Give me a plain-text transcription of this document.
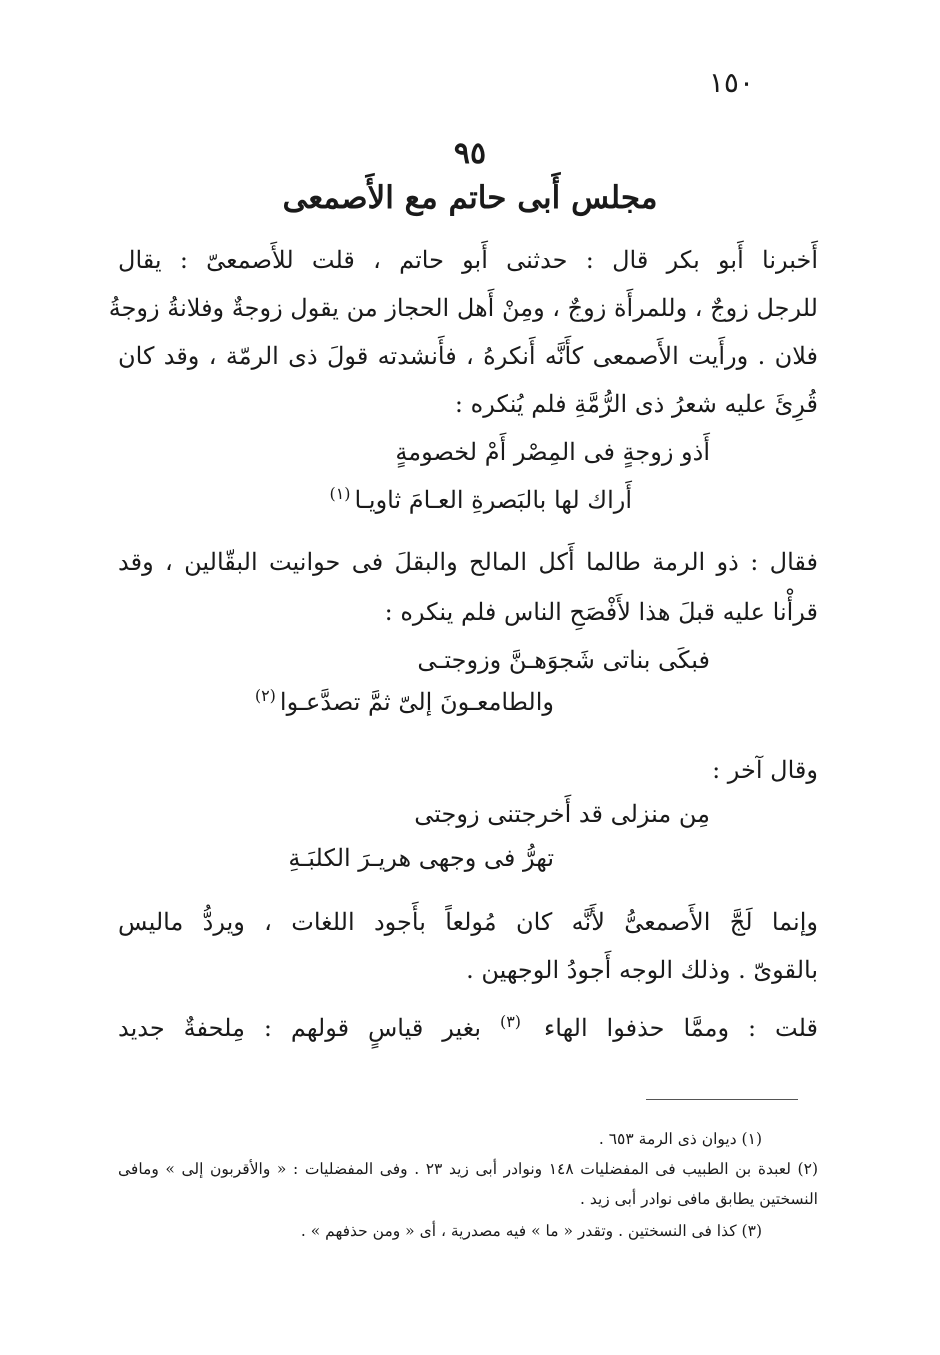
١٥٠
٩٥
مجلس أَبى حاتم مع الأَصمعى
أَخبرنا أَبو بكر قال : حدثنى أَبو حاتم ، قلت للأَصمعىّ : يقال
للرجل زوجٌ ، وللمرأَة زوجٌ ، ومِنْ أَهل الحجاز من يقول زوجةٌ وفلانةُ زوجةُ
فلان . ورأَيت الأَصمعى كأَنَّه أَنكرهُ ، فأَنشدته قولَ ذى الرمّة ، وقد كان
قُرِئَ عليه شعرُ ذى الرُّمَّةِ فلم يُنكره :
أَذو زوجةٍ فى المِصْر أَمْ لخصومةٍ
أَراك لها بالبَصرةِ العـامَ ثاويـا$^{(١)}$
فقال : ذو الرمة طالما أَكل المالح والبقلَ فى حوانيت البقّالين ، وقد
قرأْنا عليه قبلَ هذا لأَفْصَحِ الناس فلم ينكره :
فبكَى بناتى شَجوَهـنَّ وزوجتـى
والطامعـونَ إلىّ ثمَّ تصدَّعـوا$^{(٢)}$
وقال آخر :
مِن منزلى قد أَخرجتنى زوجتى
تهرُّ فى وجهى هريـرَ الكلبَـةِ
وإنما لَجَّ الأَصمعىُّ لأَنَّه كان مُولعاً بأَجود اللغات ، ويردُّ ماليس
بالقوىّ . وذلك الوجه أَجودُ الوجهين .
قلت : وممَّا حذفوا الهاء $^{(٣)}$ بغير قياسٍ قولهم : مِلحفةٌ جديد
(١) ديوان ذى الرمة ٦٥٣ .
(٢) لعبدة بن الطبيب فى المفضليات ١٤٨ ونوادر أبى زيد ٢٣ . وفى المفضليات : « والأقربون إلى » ومافى
النسختين يطابق مافى نوادر أبى زيد .
(٣) كذا فى النسختين . وتقدر « ما » فيه مصدرية ، أى « ومن حذفهم » .
